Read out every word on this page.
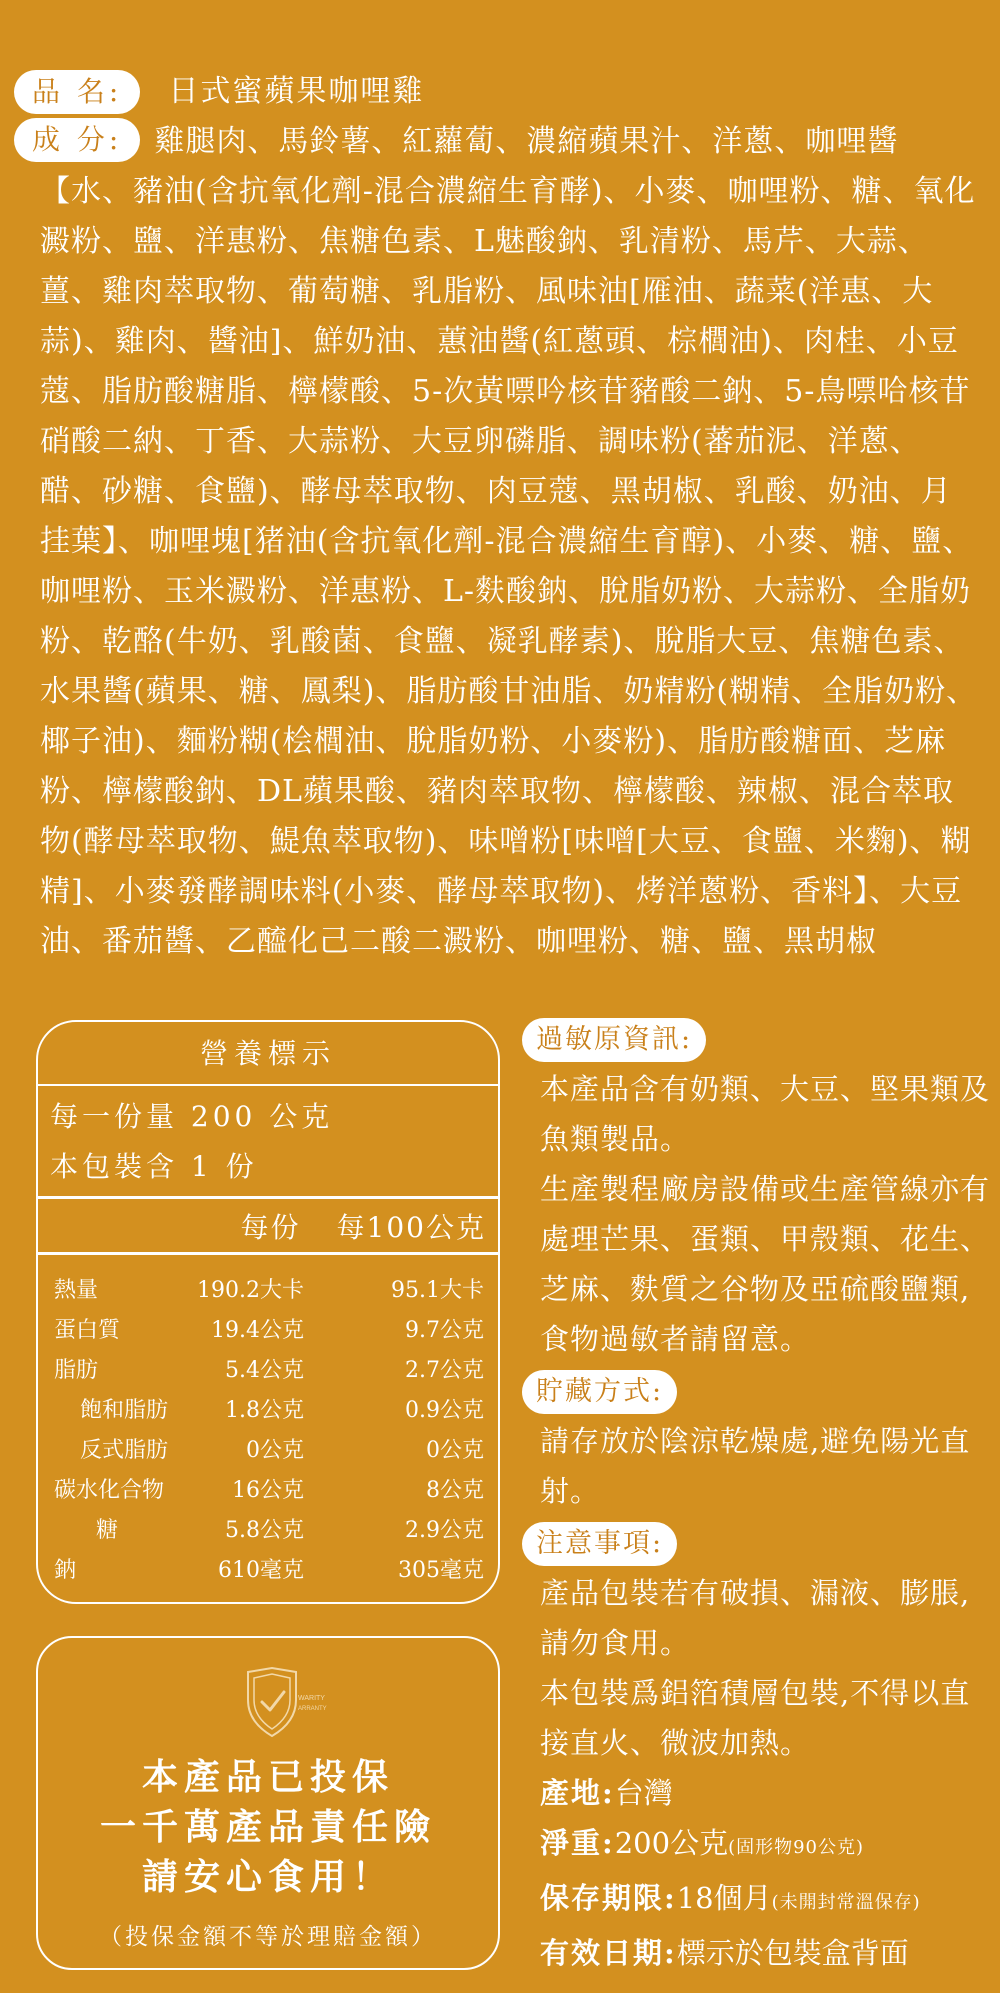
品 名:	日式蜜蘋果咖哩雞
成 分: 雞腿肉、馬鈴薯、紅蘿蔔、濃縮蘋果汁、洋蔥、咖哩醬【水、豬油(含抗氧化劑-混合濃縮生育酵)、小麥、咖哩粉、糖、氧化澱粉、鹽、洋惠粉、焦糖色素、L魅酸鈉、乳清粉、馬芹、大蒜、薑、雞肉萃取物、葡萄糖、乳脂粉、風味油[雁油、蔬菜(洋惠、大蒜)、雞肉、醬油]、鮮奶油、蕙油醬(紅蔥頭、棕櫚油)、肉桂、小豆蔻、脂肪酸糖脂、檸檬酸、5-次黃嘌吟核苷豬酸二鈉、5-鳥嘌哈核苷硝酸二納、丁香、大蒜粉、大豆卵磷脂、調味粉(蕃茄泥、洋蔥、醋、砂糖、食鹽)、酵母萃取物、肉豆蔻、黑胡椒、乳酸、奶油、月挂葉】、咖哩塊[猪油(含抗氧化劑-混合濃縮生育醇)、小麥、糖、鹽、咖哩粉、玉米澱粉、洋惠粉、L-麩酸鈉、脫脂奶粉、大蒜粉、全脂奶粉、乾酪(牛奶、乳酸菌、食鹽、凝乳酵素)、脫脂大豆、焦糖色素、水果醬(蘋果、糖、鳳梨)、脂肪酸甘油脂、奶精粉(糊精、全脂奶粉、椰子油)、麵粉糊(桧櫚油、脫脂奶粉、小麥粉)、脂肪酸糖面、芝麻粉、檸檬酸鈉、DL蘋果酸、豬肉萃取物、檸檬酸、辣椒、混合萃取物(酵母萃取物、鯷魚萃取物)、味噌粉[味噌[大豆、食鹽、米麴)、糊精]、小麥發酵調味料(小麥、酵母萃取物)、烤洋蔥粉、香料】、大豆油、番茄醬、乙醯化己二酸二澱粉、咖哩粉、糖、鹽、黑胡椒
營養標示
每一份量 200 公克
本包裝含 1 份
每份 每100公克
熱量	190.2大卡	95.1大卡
蛋白質	19.4公克	9.7公克
脂肪	5.4公克	2.7公克
飽和脂肪	1.8公克	0.9公克
反式脂肪	0公克	0公克
碳水化合物	16公克	8公克
糖	5.8公克	2.9公克
鈉	610毫克	305毫克
WARITY
ARRANTY
本產品已投保
一千萬產品責任險
請安心食用！
（投保金額不等於理賠金額）
過敏原資訊:
本產品含有奶類、大豆、堅果類及魚類製品。
生產製程廠房設備或生產管線亦有處理芒果、蛋類、甲殼類、花生、芝麻、麩質之谷物及亞硫酸鹽類,食物過敏者請留意。
貯藏方式:
請存放於陰涼乾燥處,避免陽光直射。
注意事項:
產品包裝若有破損、漏液、膨脹,請勿食用。
本包裝爲鋁箔積層包裝,不得以直接直火、微波加熱。
產地:台灣
淨重:200公克(固形物90公克)
保存期限:18個月(未開封常溫保存)
有效日期:標示於包裝盒背面
